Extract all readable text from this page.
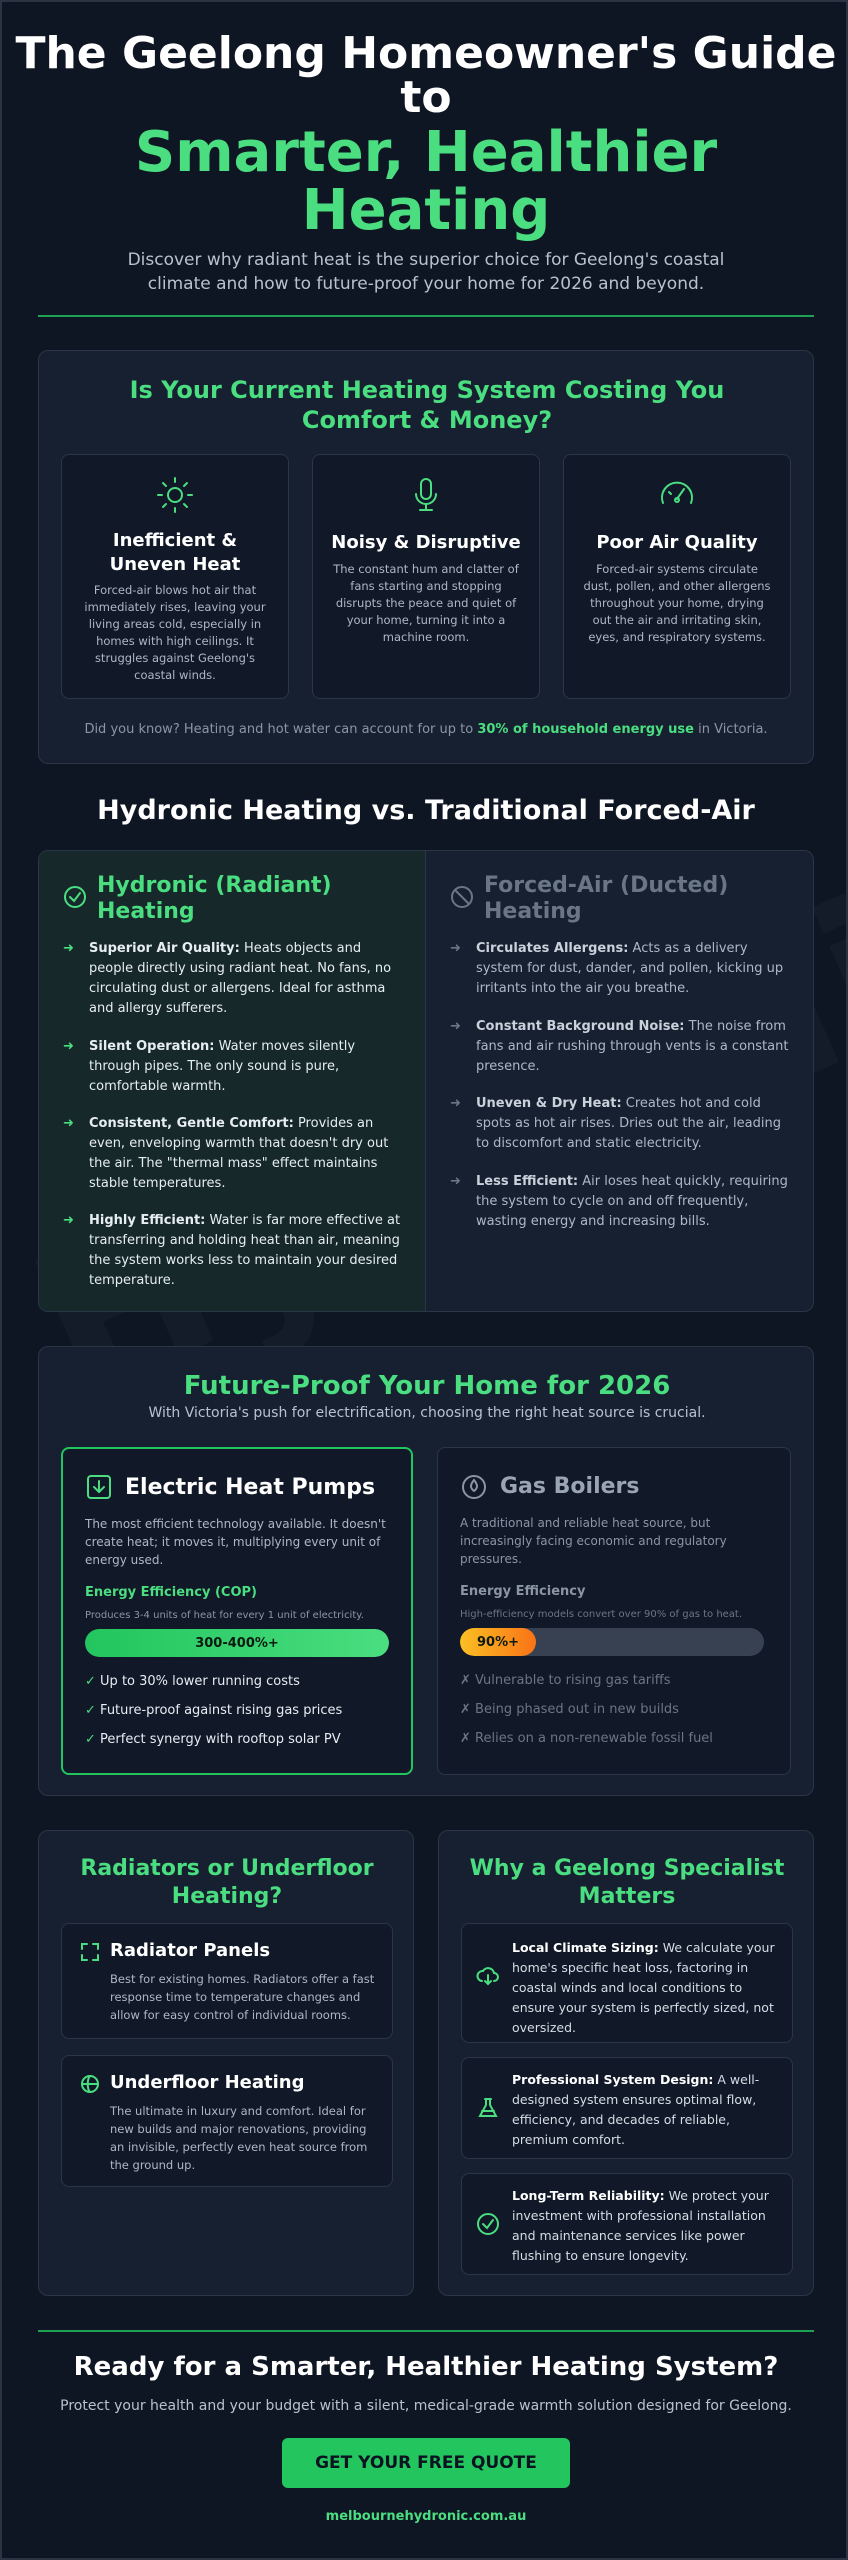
The Geelong Homeowner's Guide
to
Smarter, Healthier
Heating
Discover why radiant heat is the superior choice for Geelong's coastal climate and how to future-proof your home for 2026 and beyond.
Is Your Current Heating System Costing You Comfort & Money?
Inefficient & Uneven Heat
Forced-air blows hot air that immediately rises, leaving your living areas cold, especially in homes with high ceilings. It struggles against Geelong's coastal winds.
Noisy & Disruptive
The constant hum and clatter of fans starting and stopping disrupts the peace and quiet of your home, turning it into a machine room.
Poor Air Quality
Forced-air systems circulate dust, pollen, and other allergens throughout your home, drying out the air and irritating skin, eyes, and respiratory systems.
Did you know? Heating and hot water can account for up to 30% of household energy use in Victoria.
Hydronic Heating vs. Traditional Forced-Air
Hydronic (Radiant) Heating
➜ Superior Air Quality: Heats objects and people directly using radiant heat. No fans, no circulating dust or allergens. Ideal for asthma and allergy sufferers.
➜ Silent Operation: Water moves silently through pipes. The only sound is pure, comfortable warmth.
➜ Consistent, Gentle Comfort: Provides an even, enveloping warmth that doesn't dry out the air. The "thermal mass" effect maintains stable temperatures.
➜ Highly Efficient: Water is far more effective at transferring and holding heat than air, meaning the system works less to maintain your desired temperature.
Forced-Air (Ducted) Heating
➜ Circulates Allergens: Acts as a delivery system for dust, dander, and pollen, kicking up irritants into the air you breathe.
➜ Constant Background Noise: The noise from fans and air rushing through vents is a constant presence.
➜ Uneven & Dry Heat: Creates hot and cold spots as hot air rises. Dries out the air, leading to discomfort and static electricity.
➜ Less Efficient: Air loses heat quickly, requiring the system to cycle on and off frequently, wasting energy and increasing bills.
Future-Proof Your Home for 2026
With Victoria's push for electrification, choosing the right heat source is crucial.
Electric Heat Pumps
The most efficient technology available. It doesn't create heat; it moves it, multiplying every unit of energy used.
Energy Efficiency (COP)
Produces 3-4 units of heat for every 1 unit of electricity.
300-400%+
✓ Up to 30% lower running costs
✓ Future-proof against rising gas prices
✓ Perfect synergy with rooftop solar PV
Gas Boilers
A traditional and reliable heat source, but increasingly facing economic and regulatory pressures.
Energy Efficiency
High-efficiency models convert over 90% of gas to heat.
90%+
✗ Vulnerable to rising gas tariffs
✗ Being phased out in new builds
✗ Relies on a non-renewable fossil fuel
Radiators or Underfloor Heating?
Radiator Panels
Best for existing homes. Radiators offer a fast response time to temperature changes and allow for easy control of individual rooms.
Underfloor Heating
The ultimate in luxury and comfort. Ideal for new builds and major renovations, providing an invisible, perfectly even heat source from the ground up.
Why a Geelong Specialist Matters
Local Climate Sizing: We calculate your home's specific heat loss, factoring in coastal winds and local conditions to ensure your system is perfectly sized, not oversized.
Professional System Design: A well-designed system ensures optimal flow, efficiency, and decades of reliable, premium comfort.
Long-Term Reliability: We protect your investment with professional installation and maintenance services like power flushing to ensure longevity.
Ready for a Smarter, Healthier Heating System?
Protect your health and your budget with a silent, medical-grade warmth solution designed for Geelong.
GET YOUR FREE QUOTE
melbournehydronic.com.au
